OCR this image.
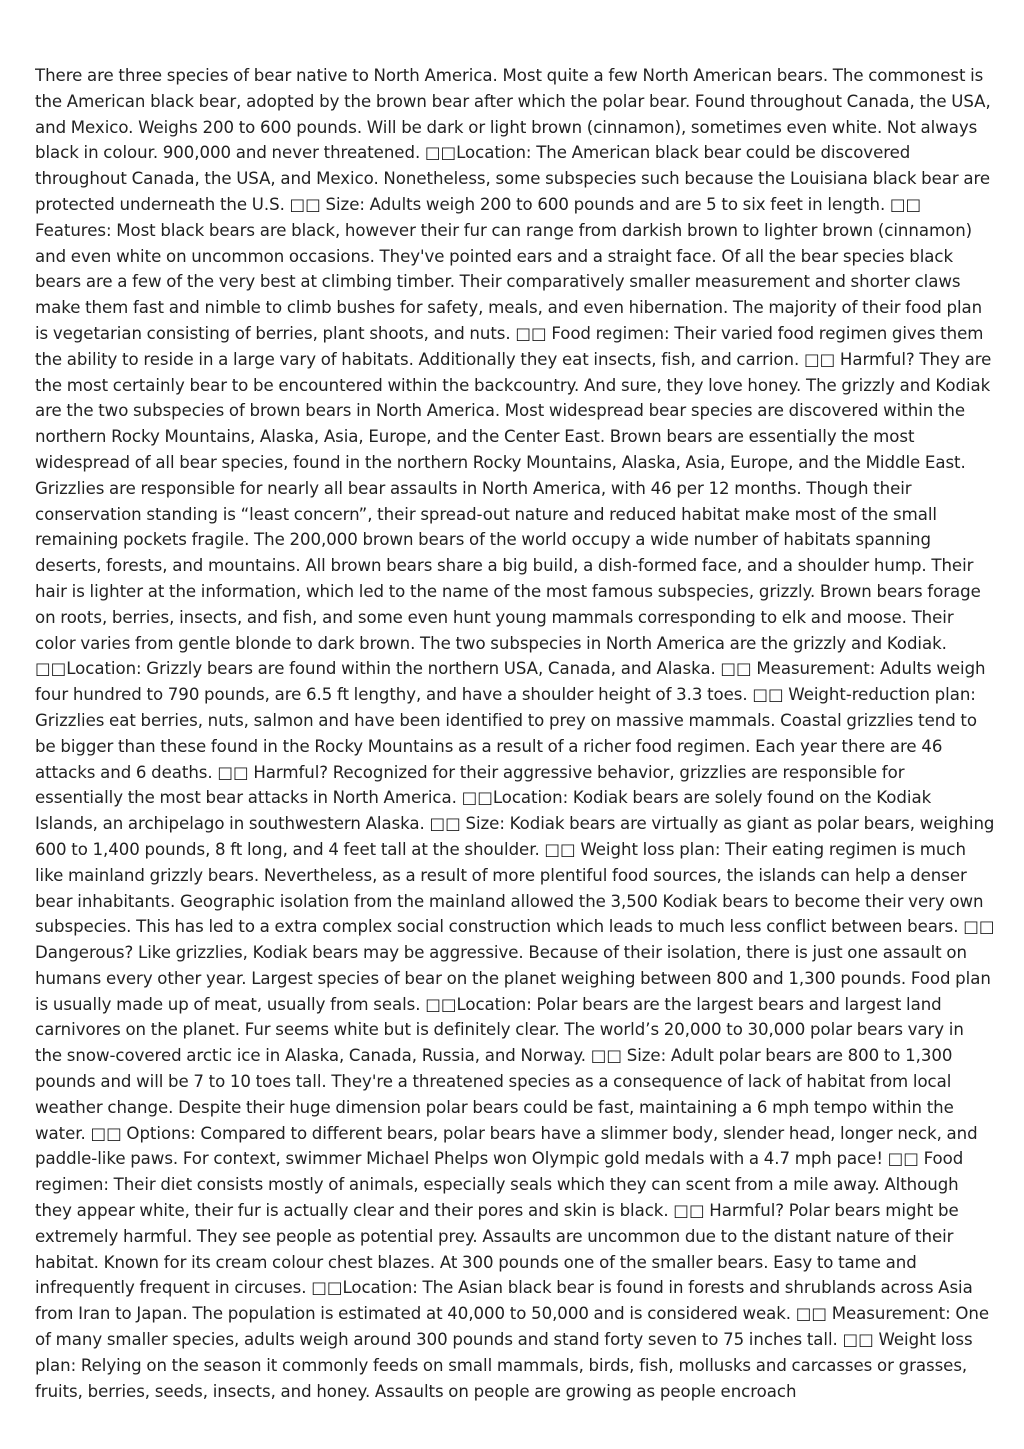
There are three species of bear native to North America. Most quite a few North American bears. The commonest is the American black bear, adopted by the brown bear after which the polar bear. Found throughout Canada, the USA, and Mexico. Weighs 200 to 600 pounds. Will be dark or light brown (cinnamon), sometimes even white. Not always black in colour. 900,000 and never threatened. □□Location: The American black bear could be discovered throughout Canada, the USA, and Mexico. Nonetheless, some subspecies such because the Louisiana black bear are protected underneath the U.S. □□ Size: Adults weigh 200 to 600 pounds and are 5 to six feet in length. □□ Features: Most black bears are black, however their fur can range from darkish brown to lighter brown (cinnamon) and even white on uncommon occasions. They've pointed ears and a straight face. Of all the bear species black bears are a few of the very best at climbing timber. Their comparatively smaller measurement and shorter claws make them fast and nimble to climb bushes for safety, meals, and even hibernation. The majority of their food plan is vegetarian consisting of berries, plant shoots, and nuts. □□ Food regimen: Their varied food regimen gives them the ability to reside in a large vary of habitats. Additionally they eat insects, fish, and carrion. □□ Harmful? They are the most certainly bear to be encountered within the backcountry. And sure, they love honey. The grizzly and Kodiak are the two subspecies of brown bears in North America. Most widespread bear species are discovered within the northern Rocky Mountains, Alaska, Asia, Europe, and the Center East. Brown bears are essentially the most widespread of all bear species, found in the northern Rocky Mountains, Alaska, Asia, Europe, and the Middle East. Grizzlies are responsible for nearly all bear assaults in North America, with 46 per 12 months. Though their conservation standing is “least concern”, their spread-out nature and reduced habitat make most of the small remaining pockets fragile. The 200,000 brown bears of the world occupy a wide number of habitats spanning deserts, forests, and mountains. All brown bears share a big build, a dish-formed face, and a shoulder hump. Their hair is lighter at the information, which led to the name of the most famous subspecies, grizzly. Brown bears forage on roots, berries, insects, and fish, and some even hunt young mammals corresponding to elk and moose. Their color varies from gentle blonde to dark brown. The two subspecies in North America are the grizzly and Kodiak. □□Location: Grizzly bears are found within the northern USA, Canada, and Alaska. □□ Measurement: Adults weigh four hundred to 790 pounds, are 6.5 ft lengthy, and have a shoulder height of 3.3 toes. □□ Weight-reduction plan: Grizzlies eat berries, nuts, salmon and have been identified to prey on massive mammals. Coastal grizzlies tend to be bigger than these found in the Rocky Mountains as a result of a richer food regimen. Each year there are 46 attacks and 6 deaths. □□ Harmful? Recognized for their aggressive behavior, grizzlies are responsible for essentially the most bear attacks in North America. □□Location: Kodiak bears are solely found on the Kodiak Islands, an archipelago in southwestern Alaska. □□ Size: Kodiak bears are virtually as giant as polar bears, weighing 600 to 1,400 pounds, 8 ft long, and 4 feet tall at the shoulder. □□ Weight loss plan: Their eating regimen is much like mainland grizzly bears. Nevertheless, as a result of more plentiful food sources, the islands can help a denser bear inhabitants. Geographic isolation from the mainland allowed the 3,500 Kodiak bears to become their very own subspecies. This has led to a extra complex social construction which leads to much less conflict between bears. □□ Dangerous? Like grizzlies, Kodiak bears may be aggressive. Because of their isolation, there is just one assault on humans every other year. Largest species of bear on the planet weighing between 800 and 1,300 pounds. Food plan is usually made up of meat, usually from seals. □□Location: Polar bears are the largest bears and largest land carnivores on the planet. Fur seems white but is definitely clear. The world’s 20,000 to 30,000 polar bears vary in the snow-covered arctic ice in Alaska, Canada, Russia, and Norway. □□ Size: Adult polar bears are 800 to 1,300 pounds and will be 7 to 10 toes tall. They're a threatened species as a consequence of lack of habitat from local weather change. Despite their huge dimension polar bears could be fast, maintaining a 6 mph tempo within the water. □□ Options: Compared to different bears, polar bears have a slimmer body, slender head, longer neck, and paddle-like paws. For context, swimmer Michael Phelps won Olympic gold medals with a 4.7 mph pace! □□ Food regimen: Their diet consists mostly of animals, especially seals which they can scent from a mile away. Although they appear white, their fur is actually clear and their pores and skin is black. □□ Harmful? Polar bears might be extremely harmful. They see people as potential prey. Assaults are uncommon due to the distant nature of their habitat. Known for its cream colour chest blazes. At 300 pounds one of the smaller bears. Easy to tame and infrequently frequent in circuses. □□Location: The Asian black bear is found in forests and shrublands across Asia from Iran to Japan. The population is estimated at 40,000 to 50,000 and is considered weak. □□ Measurement: One of many smaller species, adults weigh around 300 pounds and stand forty seven to 75 inches tall. □□ Weight loss plan: Relying on the season it commonly feeds on small mammals, birds, fish, mollusks and carcasses or grasses, fruits, berries, seeds, insects, and honey. Assaults on people are growing as people encroach
